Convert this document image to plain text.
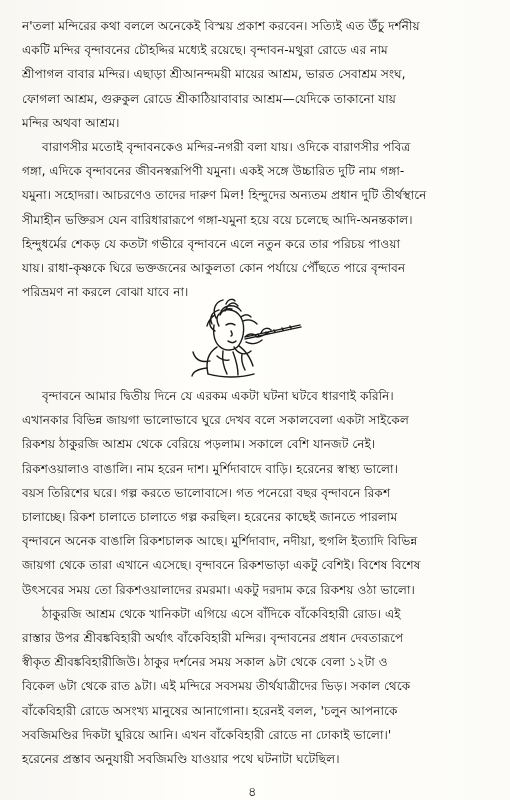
ন'তলা মন্দিরের কথা বললে অনেকেই বিস্ময় প্রকাশ করবেন। সত্যিই এত উঁচু দর্শনীয়
একটি মন্দির বৃন্দাবনের চৌহদ্দির মধ্যেই রয়েছে। বৃন্দাবন-মথুরা রোডে এর নাম
শ্রীপাগল বাবার মন্দির। এছাড়া শ্রীআনন্দময়ী মায়ের আশ্রম, ভারত সেবাশ্রম সংঘ,
ফোগলা আশ্রম, গুরুকুল রোডে শ্রীকাঠিয়াবাবার আশ্রম—যেদিকে তাকানো যায়
মন্দির অথবা আশ্রম।

বারাণসীর মতোই বৃন্দাবনকেও মন্দির-নগরী বলা যায়। ওদিকে বারাণসীর পবিত্র
গঙ্গা, এদিকে বৃন্দাবনের জীবনস্বরূপিণী যমুনা। একই সঙ্গে উচ্চারিত দুটি নাম গঙ্গা-
যমুনা। সহোদরা। আচরণেও তাদের দারুণ মিল! হিন্দুদের অন্যতম প্রধান দুটি তীর্থস্থানে
সীমাহীন ভক্তিরস যেন বারিধারারূপে গঙ্গা-যমুনা হয়ে বয়ে চলেছে আদি-অনন্তকাল।
হিন্দুধর্মের শেকড় যে কতটা গভীরে বৃন্দাবনে এলে নতুন করে তার পরিচয় পাওয়া
যায়। রাধা-কৃষ্ণকে ঘিরে ভক্তজনের আকুলতা কোন পর্যায়ে পৌঁছতে পারে বৃন্দাবন
পরিভ্রমণ না করলে বোঝা যাবে না।

বৃন্দাবনে আমার দ্বিতীয় দিনে যে এরকম একটা ঘটনা ঘটবে ধারণাই করিনি।
এখানকার বিভিন্ন জায়গা ভালোভাবে ঘুরে দেখব বলে সকালবেলা একটা সাইকেল
রিকশয় ঠাকুরজি আশ্রম থেকে বেরিয়ে পড়লাম। সকালে বেশি যানজট নেই।
রিকশওয়ালাও বাঙালি। নাম হরেন দাশ। মুর্শিদাবাদে বাড়ি। হরেনের স্বাস্থ্য ভালো।
বয়স তিরিশের ঘরে। গল্প করতে ভালোবাসে। গত পনেরো বছর বৃন্দাবনে রিকশ
চালাচ্ছে। রিকশ চালাতে চালাতে গল্প করছিল। হরেনের কাছেই জানতে পারলাম
বৃন্দাবনে অনেক বাঙালি রিকশচালক আছে। মুর্শিদাবাদ, নদীয়া, হুগলি ইত্যাদি বিভিন্ন
জায়গা থেকে তারা এখানে এসেছে। বৃন্দাবনে রিকশভাড়া একটু বেশিই। বিশেষ বিশেষ
উৎসবের সময় তো রিকশওয়ালাদের রমরমা। একটু দরদাম করে রিকশয় ওঠা ভালো।

ঠাকুরজি আশ্রম থেকে খানিকটা এগিয়ে এসে বাঁদিকে বাঁকেবিহারী রোড। এই
রাস্তার উপর শ্রীবঙ্কবিহারী অর্থাৎ বাঁকেবিহারী মন্দির। বৃন্দাবনের প্রধান দেবতারূপে
স্বীকৃত শ্রীবঙ্কবিহারীজিউ। ঠাকুর দর্শনের সময় সকাল ৯টা থেকে বেলা ১২টা ও
বিকেল ৬টা থেকে রাত ৯টা। এই মন্দিরে সবসময় তীর্থযাত্রীদের ভিড়। সকাল থেকে
বাঁকেবিহারী রোডে অসংখ্য মানুষের আনাগোনা। হরেনই বলল, 'চলুন আপনাকে
সবজিমণ্ডির দিকটা ঘুরিয়ে আনি। এখন বাঁকেবিহারী রোডে না ঢোকাই ভালো।'
হরেনের প্রস্তাব অনুযায়ী সবজিমণ্ডি যাওয়ার পথে ঘটনাটা ঘটেছিল।

৪
